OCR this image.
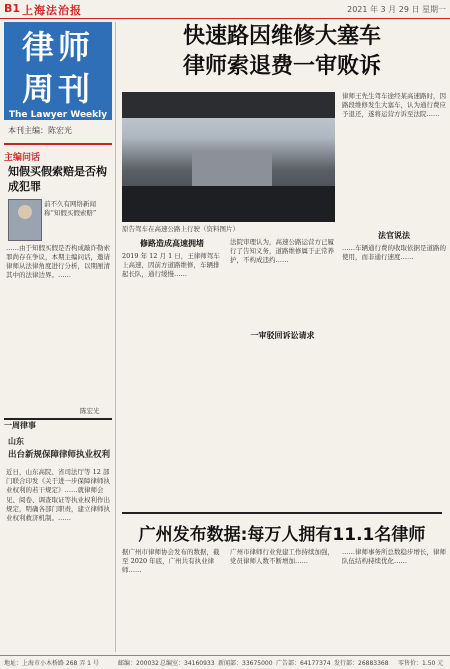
B1 上海法治报	2021 年 3 月 29 日 星期一
律师
周刊
The Lawyer Weekly
本刊主编：陈宏光
主编问话
知假买假索赔是否构成犯罪
前不久有网络新闻称“知假买假索赔”
……由于知假买假是否构成敲诈勒索罪尚存在争议，本期主编问话，邀请律师从法律角度进行分析，以期厘清其中的法律边界。……
陈宏光
一周律事
山东
出台新规保障律师执业权利
近日，山东高院、省司法厅等 12 部门联合印发《关于进一步保障律师执业权利的若干规定》……就律师会见、阅卷、调查取证等执业权利作出规定，明确各部门职责，建立律师执业权利救济机制。……
快速路因维修大塞车
律师索退费一审败诉
原告驾车在高速公路上行驶（资料图片）
律师王先生驾车途经某高速路时，因路段维修发生大塞车，认为通行费应予退还，遂将运营方诉至法院……
修路造成高速拥堵
2019 年 12 月 1 日，王律师驾车上高速，因前方道路维修，车辆排起长队，通行缓慢……
一审驳回诉讼请求
法院审理认为，高速公路运营方已履行了告知义务，道路维修属于正常养护，不构成违约……
法官说法
……车辆通行费的收取依据是道路的使用，而非通行速度……
广州发布数据:每万人拥有11.1名律师
据广州市律师协会发布的数据，截至 2020 年底，广州共有执业律师……
广州市律师行业党建工作持续加强，党员律师人数不断增加……
……律师事务所总数稳步增长，律师队伍结构持续优化……
地址：上海市小木桥路 268 弄 1 号	邮编：200032 总编室：34160933 新闻部：33675000 广告部：64177374 发行部：26883368 零售价：1.50 元
